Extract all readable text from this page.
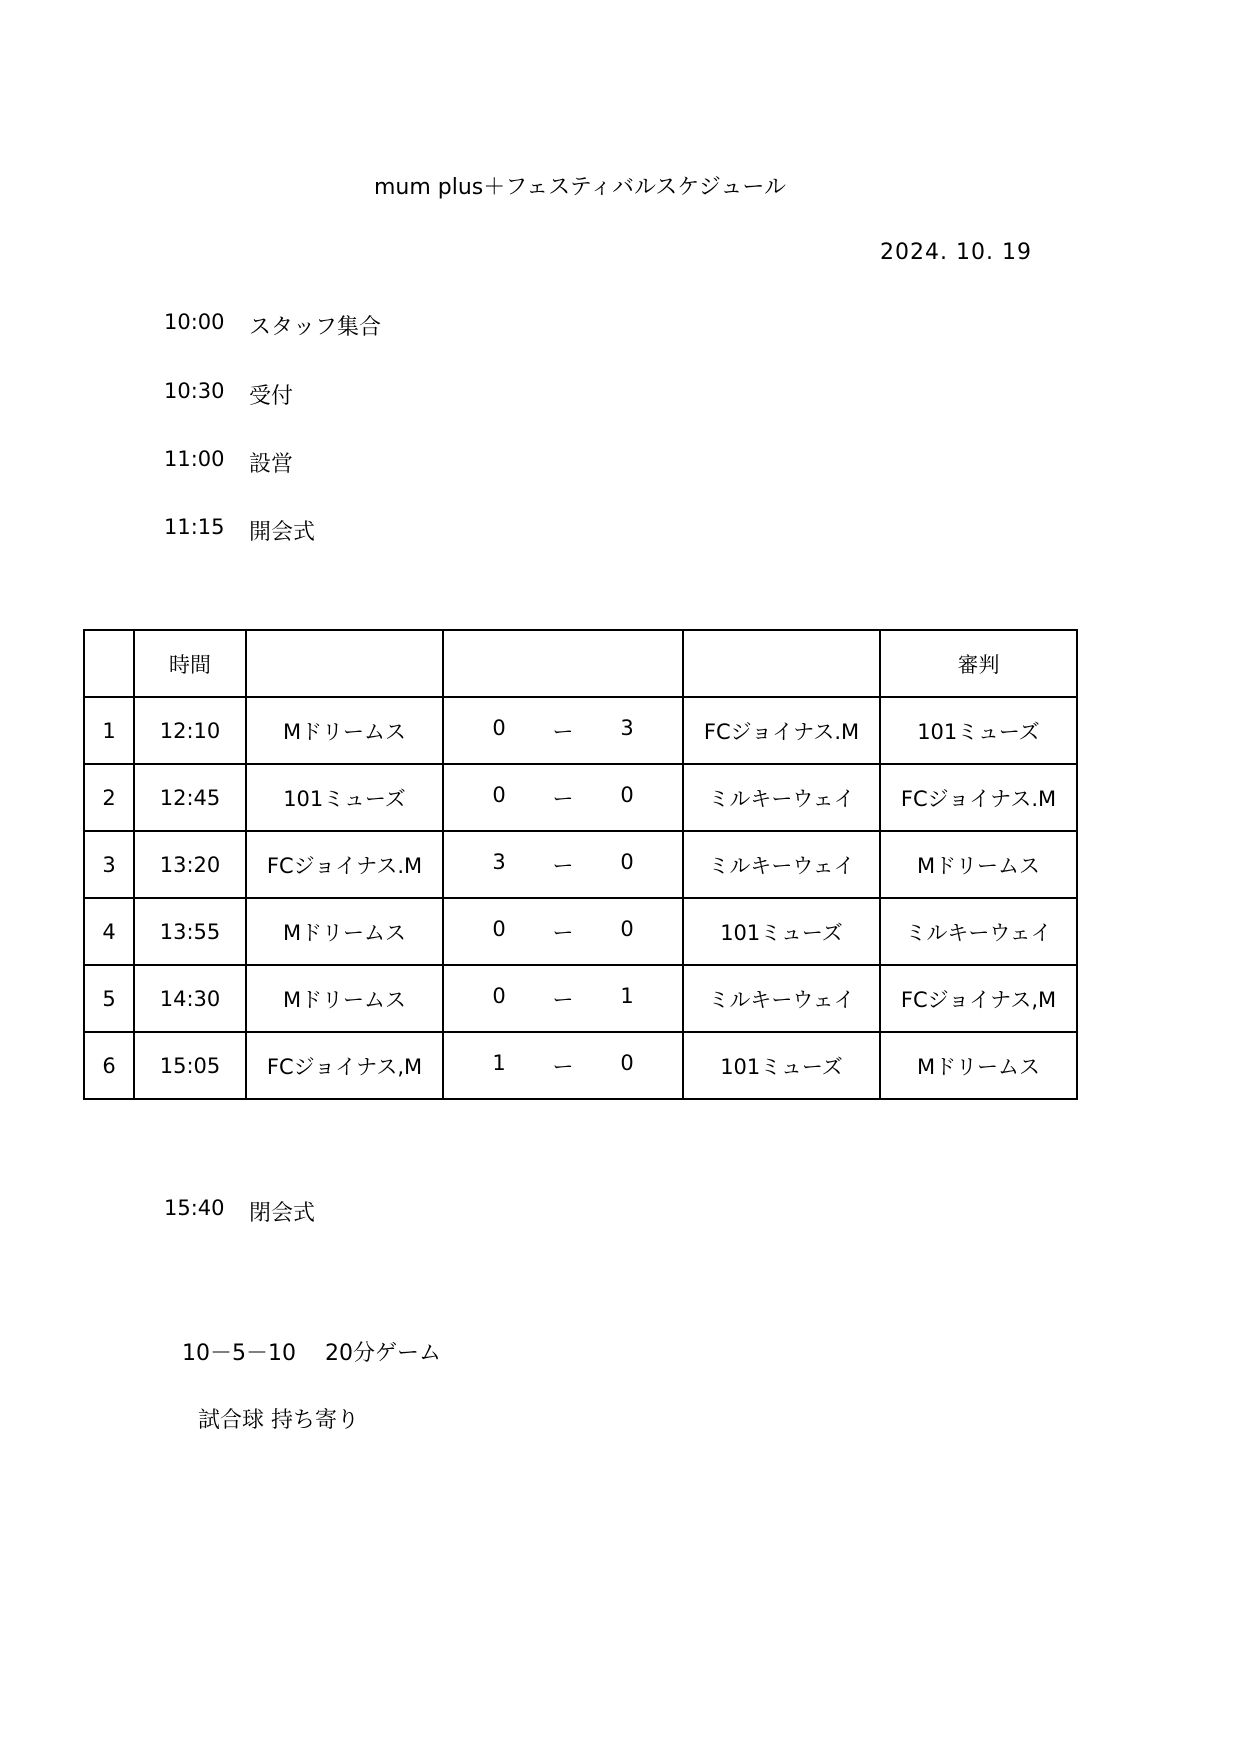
mum plus＋フェスティバルスケジュール
2024. 10. 19
10:00	スタッフ集合
10:30	受付
11:00	設営
11:15	開会式
	時間				審判
1	12:10	Mドリームス	0 ー 3	FCジョイナス.M	101ミューズ
2	12:45	101ミューズ	0 ー 0	ミルキーウェイ	FCジョイナス.M
3	13:20	FCジョイナス.M	3 ー 0	ミルキーウェイ	Mドリームス
4	13:55	Mドリームス	0 ー 0	101ミューズ	ミルキーウェイ
5	14:30	Mドリームス	0 ー 1	ミルキーウェイ	FCジョイナス,M
6	15:05	FCジョイナス,M	1 ー 0	101ミューズ	Mドリームス
15:40	閉会式
10－5－10　 20分ゲーム
試合球 持ち寄り
